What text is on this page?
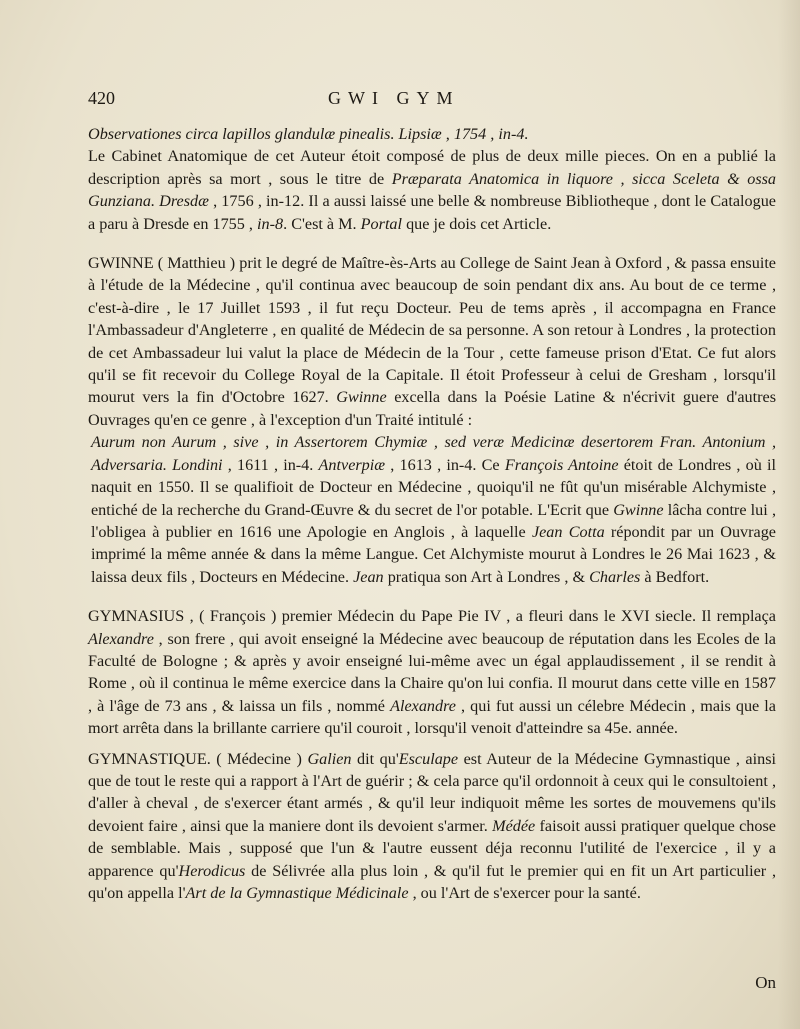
420	GWI GYM

Observationes circa lapillos glandulæ pinealis. Lipsiæ , 1754 , in-4.

Le Cabinet Anatomique de cet Auteur étoit composé de plus de deux mille pieces. On en a publié la description après sa mort , sous le titre de Præparata Anatomica in liquore , sicca Sceleta & ossa Gunziana. Dresdæ , 1756 , in-12. Il a aussi laissé une belle & nombreuse Bibliotheque , dont le Catalogue a paru à Dresde en 1755 , in-8. C'est à M. Portal que je dois cet Article.

GWINNE ( Matthieu ) prit le degré de Maître-ès-Arts au College de Saint Jean à Oxford , & passa ensuite à l'étude de la Médecine , qu'il continua avec beaucoup de soin pendant dix ans. Au bout de ce terme , c'est-à-dire , le 17 Juillet 1593 , il fut reçu Docteur. Peu de tems après , il accompagna en France l'Ambassadeur d'Angleterre , en qualité de Médecin de sa personne. A son retour à Londres , la protection de cet Ambassadeur lui valut la place de Médecin de la Tour , cette fameuse prison d'Etat. Ce fut alors qu'il se fit recevoir du College Royal de la Capitale. Il étoit Professeur à celui de Gresham , lorsqu'il mourut vers la fin d'Octobre 1627. Gwinne excella dans la Poésie Latine & n'écrivit guere d'autres Ouvrages qu'en ce genre , à l'exception d'un Traité intitulé :

Aurum non Aurum , sive , in Assertorem Chymiæ , sed veræ Medicinæ desertorem Fran. Antonium , Adversaria. Londini , 1611 , in-4. Antverpiæ , 1613 , in-4. Ce François Antoine étoit de Londres , où il naquit en 1550. Il se qualifioit de Docteur en Médecine , quoiqu'il ne fût qu'un misérable Alchymiste , entiché de la recherche du Grand-Œuvre & du secret de l'or potable. L'Ecrit que Gwinne lâcha contre lui , l'obligea à publier en 1616 une Apologie en Anglois , à laquelle Jean Cotta répondit par un Ouvrage imprimé la même année & dans la même Langue. Cet Alchymiste mourut à Londres le 26 Mai 1623 , & laissa deux fils , Docteurs en Médecine. Jean pratiqua son Art à Londres , & Charles à Bedfort.

GYMNASIUS , ( François ) premier Médecin du Pape Pie IV , a fleuri dans le XVI siecle. Il remplaça Alexandre , son frere , qui avoit enseigné la Médecine avec beaucoup de réputation dans les Ecoles de la Faculté de Bologne ; & après y avoir enseigné lui-même avec un égal applaudissement , il se rendit à Rome , où il continua le même exercice dans la Chaire qu'on lui confia. Il mourut dans cette ville en 1587 , à l'âge de 73 ans , & laissa un fils , nommé Alexandre , qui fut aussi un célebre Médecin , mais que la mort arrêta dans la brillante carriere qu'il couroit , lorsqu'il venoit d'atteindre sa 45e. année.

GYMNASTIQUE. ( Médecine ) Galien dit qu'Esculape est Auteur de la Médecine Gymnastique , ainsi que de tout le reste qui a rapport à l'Art de guérir ; & cela parce qu'il ordonnoit à ceux qui le consultoient , d'aller à cheval , de s'exercer étant armés , & qu'il leur indiquoit même les sortes de mouvemens qu'ils devoient faire , ainsi que la maniere dont ils devoient s'armer. Médée faisoit aussi pratiquer quelque chose de semblable. Mais , supposé que l'un & l'autre eussent déja reconnu l'utilité de l'exercice , il y a apparence qu'Herodicus de Sélivrée alla plus loin , & qu'il fut le premier qui en fit un Art particulier , qu'on appella l'Art de la Gymnastique Médicinale , ou l'Art de s'exercer pour la santé.

On
